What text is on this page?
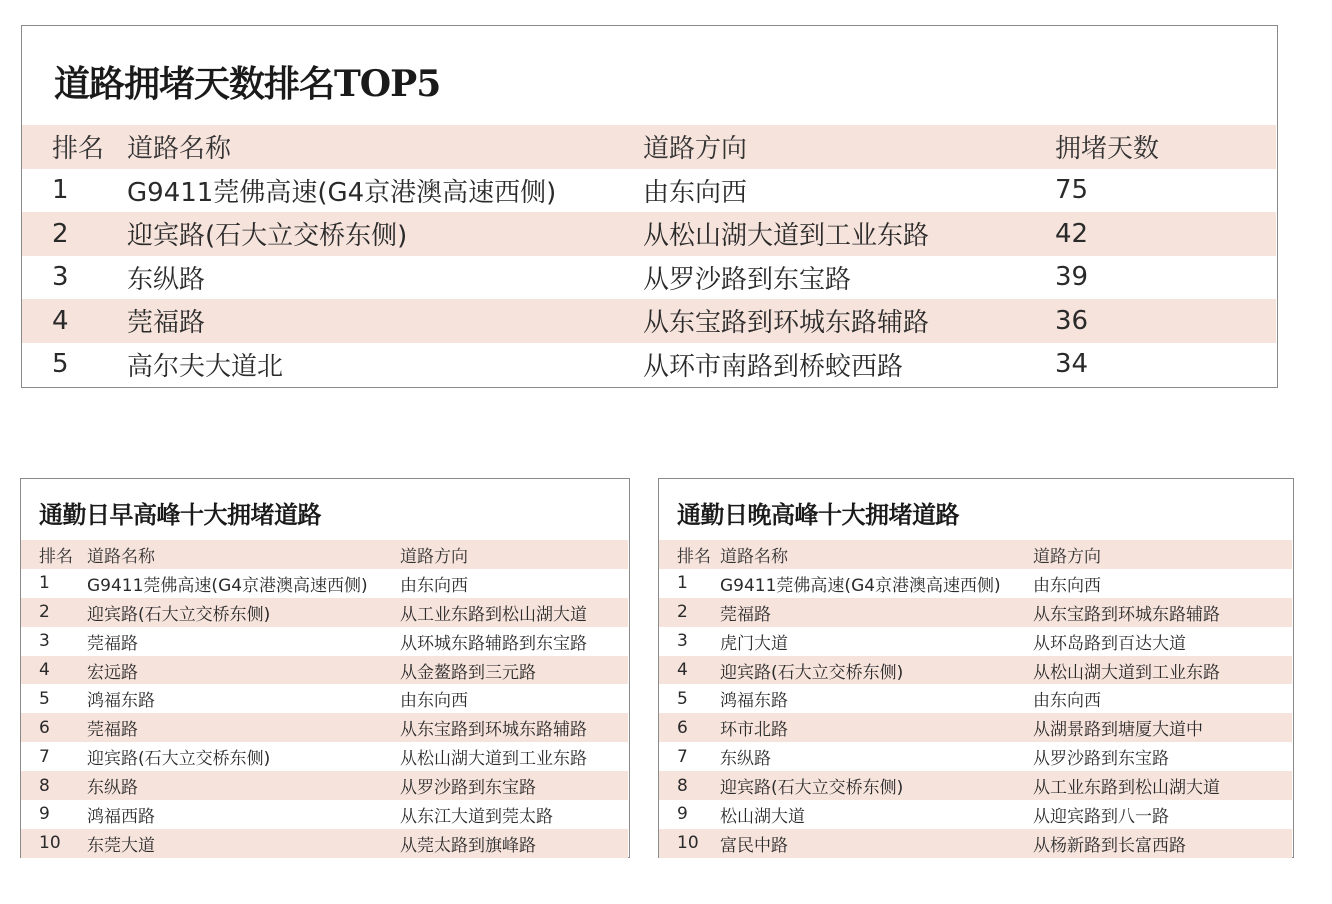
道路拥堵天数排名TOP5
排名	道路名称	道路方向	拥堵天数
1	G9411莞佛高速(G4京港澳高速西侧)	由东向西	75
2	迎宾路(石大立交桥东侧)	从松山湖大道到工业东路	42
3	东纵路	从罗沙路到东宝路	39
4	莞福路	从东宝路到环城东路辅路	36
5	高尔夫大道北	从环市南路到桥蛟西路	34
通勤日早高峰十大拥堵道路
排名	道路名称	道路方向
1	G9411莞佛高速(G4京港澳高速西侧)	由东向西
2	迎宾路(石大立交桥东侧)	从工业东路到松山湖大道
3	莞福路	从环城东路辅路到东宝路
4	宏远路	从金鳌路到三元路
5	鸿福东路	由东向西
6	莞福路	从东宝路到环城东路辅路
7	迎宾路(石大立交桥东侧)	从松山湖大道到工业东路
8	东纵路	从罗沙路到东宝路
9	鸿福西路	从东江大道到莞太路
10	东莞大道	从莞太路到旗峰路
通勤日晚高峰十大拥堵道路
排名	道路名称	道路方向
1	G9411莞佛高速(G4京港澳高速西侧)	由东向西
2	莞福路	从东宝路到环城东路辅路
3	虎门大道	从环岛路到百达大道
4	迎宾路(石大立交桥东侧)	从松山湖大道到工业东路
5	鸿福东路	由东向西
6	环市北路	从湖景路到塘厦大道中
7	东纵路	从罗沙路到东宝路
8	迎宾路(石大立交桥东侧)	从工业东路到松山湖大道
9	松山湖大道	从迎宾路到八一路
10	富民中路	从杨新路到长富西路
